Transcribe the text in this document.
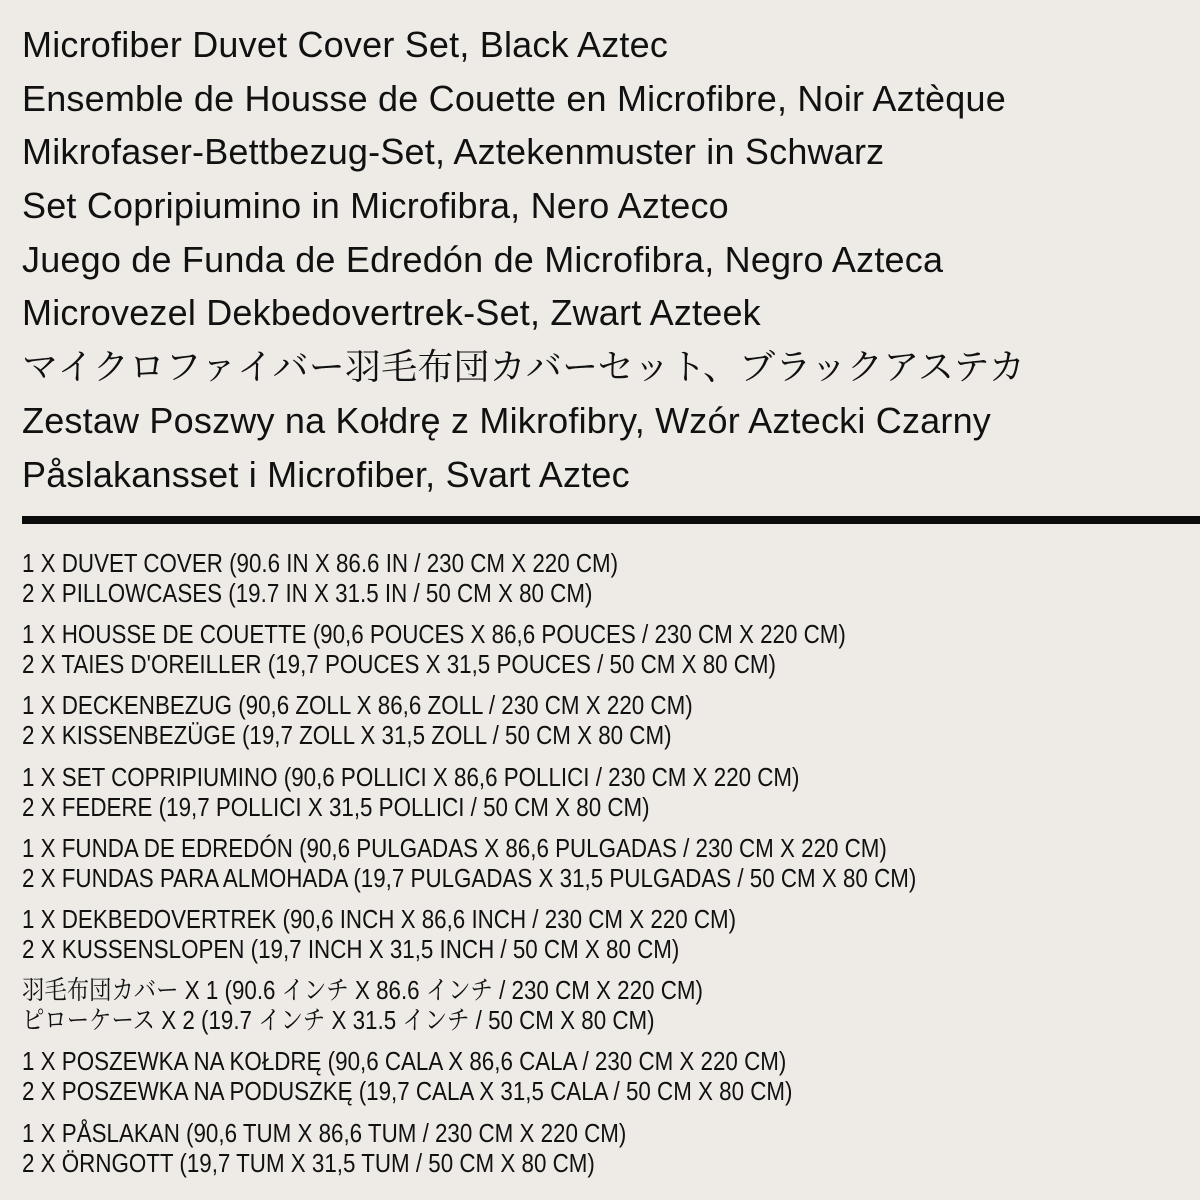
Microfiber Duvet Cover Set, Black Aztec
Ensemble de Housse de Couette en Microfibre, Noir Aztèque
Mikrofaser-Bettbezug-Set, Aztekenmuster in Schwarz
Set Copripiumino in Microfibra, Nero Azteco
Juego de Funda de Edredón de Microfibra, Negro Azteca
Microvezel Dekbedovertrek-Set, Zwart Azteek
マイクロファイバー羽毛布団カバーセット、ブラックアステカ
Zestaw Poszwy na Kołdrę z Mikrofibry, Wzór Aztecki Czarny
Påslakansset i Microfiber, Svart Aztec
1 X DUVET COVER (90.6 IN X 86.6 IN / 230 CM X 220 CM)
2 X PILLOWCASES (19.7 IN X 31.5 IN / 50 CM X 80 CM)
1 X HOUSSE DE COUETTE (90,6 POUCES X 86,6 POUCES / 230 CM X 220 CM)
2 X TAIES D'OREILLER (19,7 POUCES X 31,5 POUCES / 50 CM X 80 CM)
1 X DECKENBEZUG (90,6 ZOLL X 86,6 ZOLL / 230 CM X 220 CM)
2 X KISSENBEZÜGE (19,7 ZOLL X 31,5 ZOLL / 50 CM X 80 CM)
1 X SET COPRIPIUMINO (90,6 POLLICI X 86,6 POLLICI / 230 CM X 220 CM)
2 X FEDERE (19,7 POLLICI X 31,5 POLLICI / 50 CM X 80 CM)
1 X FUNDA DE EDREDÓN (90,6 PULGADAS X 86,6 PULGADAS / 230 CM X 220 CM)
2 X FUNDAS PARA ALMOHADA (19,7 PULGADAS X 31,5 PULGADAS / 50 CM X 80 CM)
1 X DEKBEDOVERTREK (90,6 INCH X 86,6 INCH / 230 CM X 220 CM)
2 X KUSSENSLOPEN (19,7 INCH X 31,5 INCH / 50 CM X 80 CM)
羽毛布団カバー X 1 (90.6 インチ X 86.6 インチ / 230 CM X 220 CM)
ピローケース X 2 (19.7 インチ X 31.5 インチ / 50 CM X 80 CM)
1 X POSZEWKA NA KOŁDRĘ (90,6 CALA X 86,6 CALA / 230 CM X 220 CM)
2 X POSZEWKA NA PODUSZKĘ (19,7 CALA X 31,5 CALA / 50 CM X 80 CM)
1 X PÅSLAKAN (90,6 TUM X 86,6 TUM / 230 CM X 220 CM)
2 X ÖRNGOTT (19,7 TUM X 31,5 TUM / 50 CM X 80 CM)
